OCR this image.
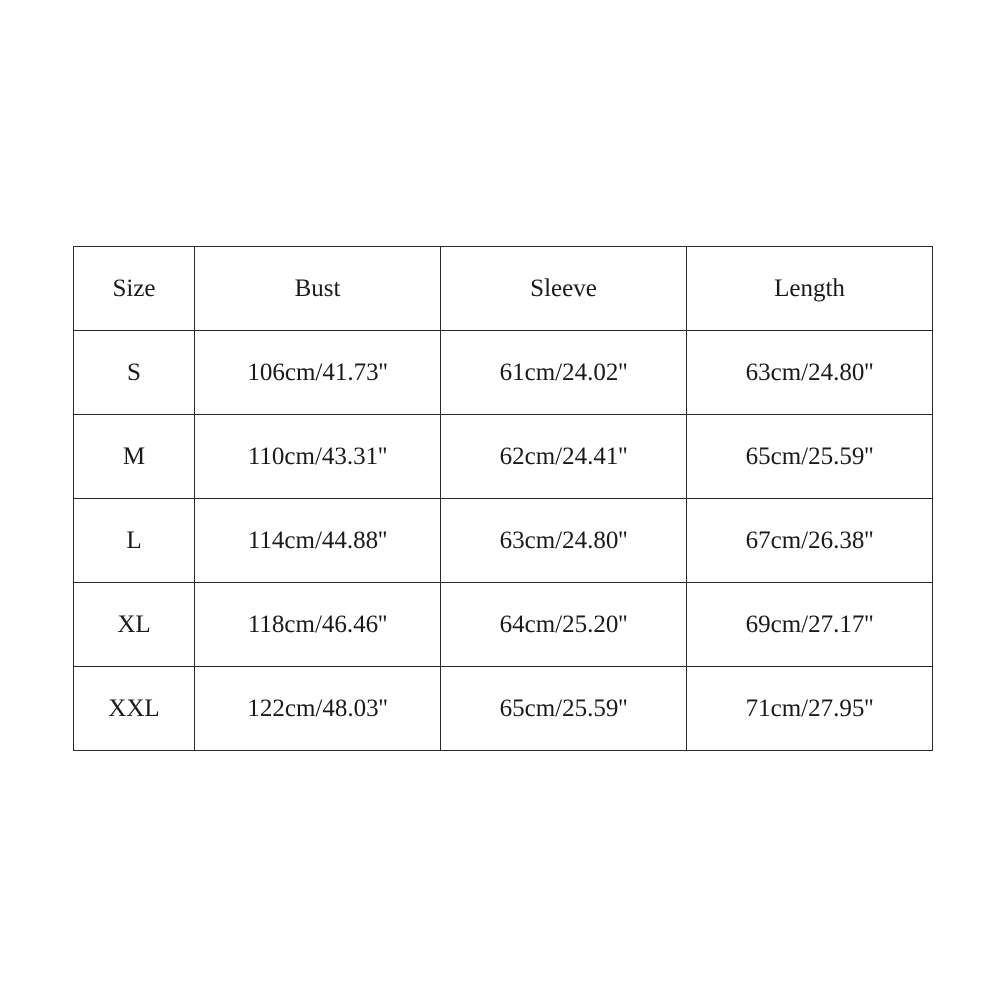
Size	Bust	Sleeve	Length
S	106cm/41.73''	61cm/24.02''	63cm/24.80''
M	110cm/43.31''	62cm/24.41''	65cm/25.59''
L	114cm/44.88''	63cm/24.80''	67cm/26.38''
XL	118cm/46.46''	64cm/25.20''	69cm/27.17''
XXL	122cm/48.03''	65cm/25.59''	71cm/27.95''
